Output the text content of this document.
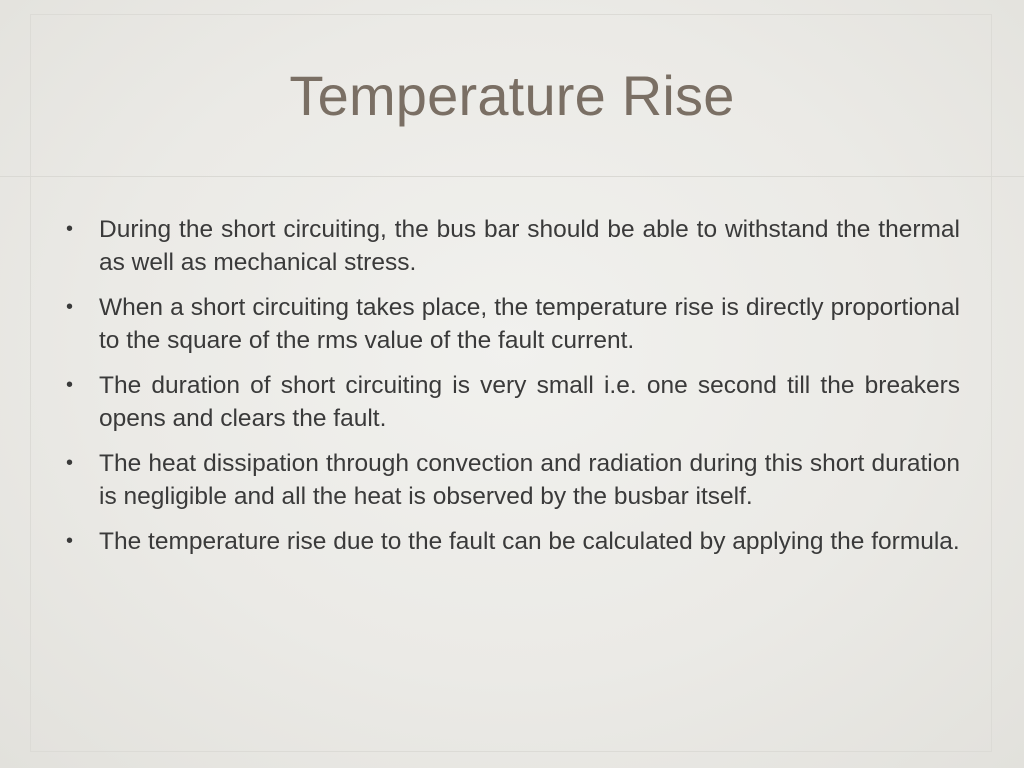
Temperature Rise
• During the short circuiting, the bus bar should be able to withstand the thermal as well as mechanical stress.
• When a short circuiting takes place, the temperature rise is directly proportional to the square of the rms value of the fault current.
• The duration of short circuiting is very small i.e. one second till the breakers opens and clears the fault.
• The heat dissipation through convection and radiation during this short duration is negligible and all the heat is observed by the busbar itself.
• The temperature rise due to the fault can be calculated by applying the formula.
